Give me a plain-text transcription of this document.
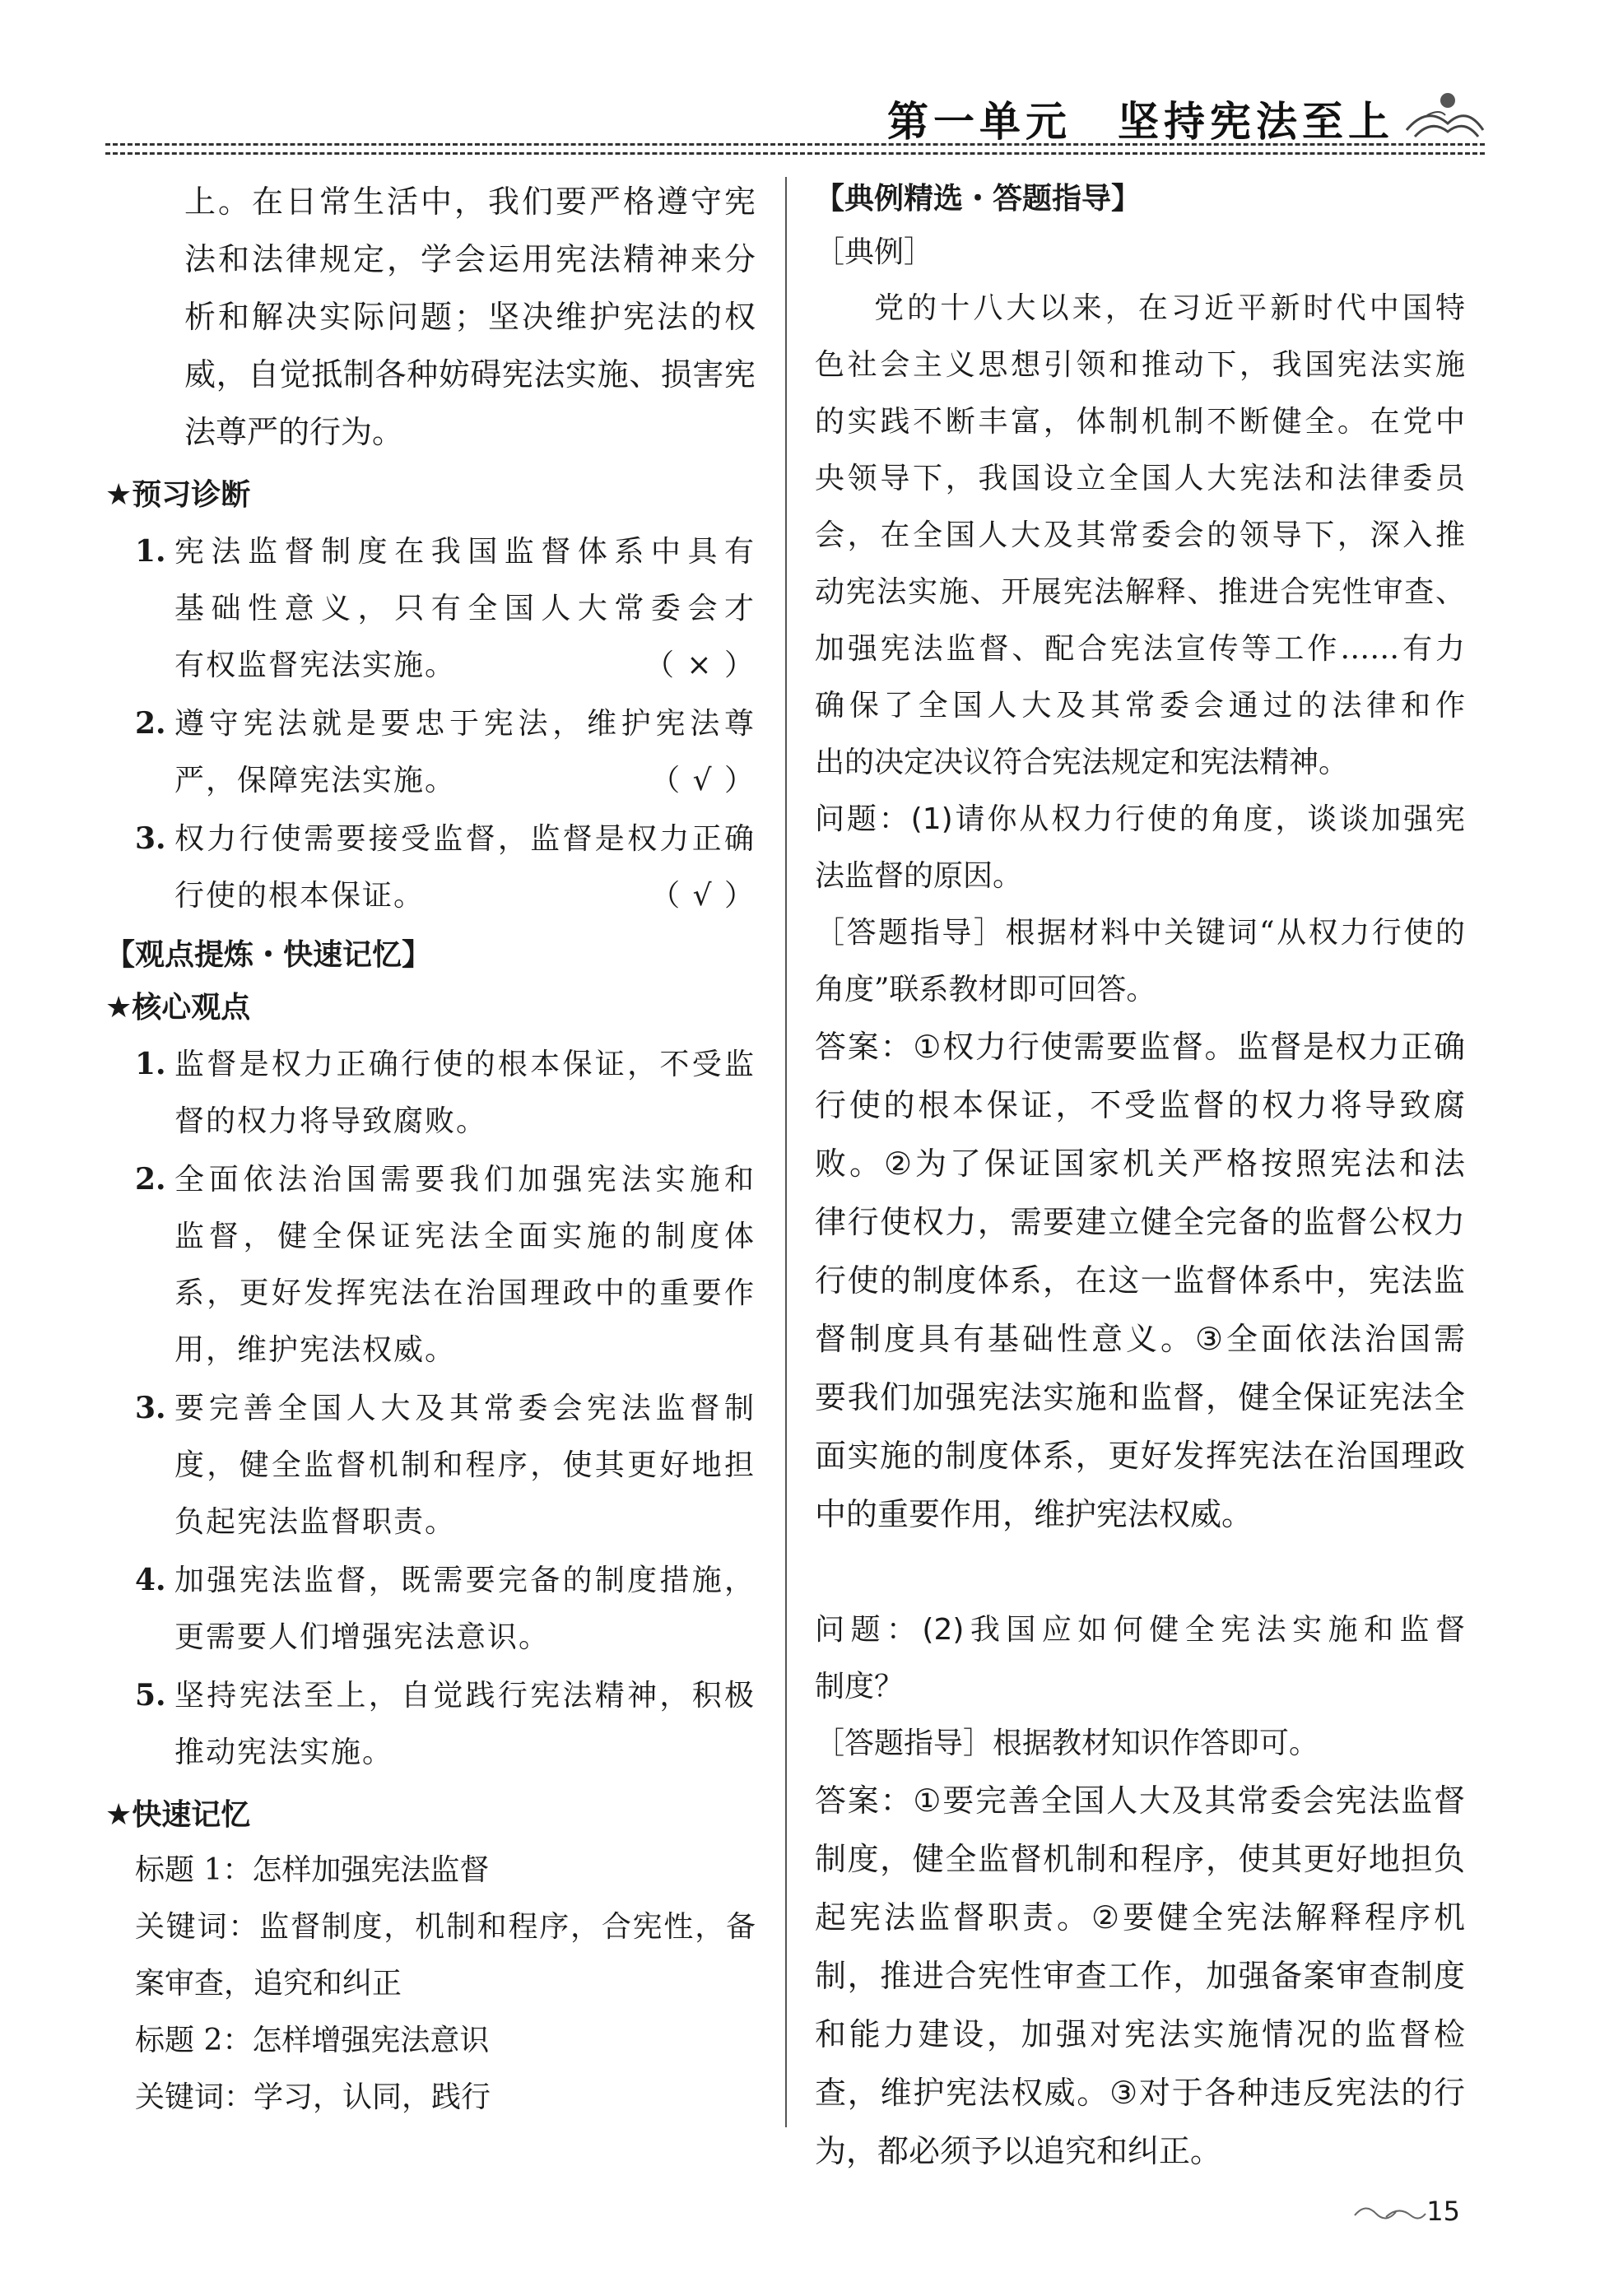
第一单元　坚持宪法至上

上。在日常生活中，我们要严格遵守宪

法和法律规定，学会运用宪法精神来分

析和解决实际问题；坚决维护宪法的权

威，自觉抵制各种妨碍宪法实施、损害宪

法尊严的行为。

★预习诊断
1. 宪法监督制度在我国监督体系中具有

基础性意义，只有全国人大常委会才

有权监督宪法实施。	（ × ）

2. 遵守宪法就是要忠于宪法，维护宪法尊

严，保障宪法实施。	（ √ ）

3. 权力行使需要接受监督，监督是权力正确

行使的根本保证。	（ √ ）

【观点提炼・快速记忆】
★核心观点
1. 监督是权力正确行使的根本保证，不受监

督的权力将导致腐败。

2. 全面依法治国需要我们加强宪法实施和

监督，健全保证宪法全面实施的制度体

系，更好发挥宪法在治国理政中的重要作

用，维护宪法权威。

3. 要完善全国人大及其常委会宪法监督制

度，健全监督机制和程序，使其更好地担

负起宪法监督职责。

4. 加强宪法监督，既需要完备的制度措施，

更需要人们增强宪法意识。

5. 坚持宪法至上，自觉践行宪法精神，积极

推动宪法实施。

★快速记忆

标题 1：怎样加强宪法监督

关键词：监督制度，机制和程序，合宪性，备

案审查，追究和纠正

标题 2：怎样增强宪法意识

关键词：学习，认同，践行

【典例精选・答题指导】
［典例］

党的十八大以来，在习近平新时代中国特

色社会主义思想引领和推动下，我国宪法实施

的实践不断丰富，体制机制不断健全。在党中

央领导下，我国设立全国人大宪法和法律委员

会，在全国人大及其常委会的领导下，深入推

动宪法实施、开展宪法解释、推进合宪性审查、

加强宪法监督、配合宪法宣传等工作……有力

确保了全国人大及其常委会通过的法律和作

出的决定决议符合宪法规定和宪法精神。

问题：(1)请你从权力行使的角度，谈谈加强宪

法监督的原因。

［答题指导］根据材料中关键词“从权力行使的

角度”联系教材即可回答。

答案：①权力行使需要监督。监督是权力正确

行使的根本保证，不受监督的权力将导致腐

败。②为了保证国家机关严格按照宪法和法

律行使权力，需要建立健全完备的监督公权力

行使的制度体系，在这一监督体系中，宪法监

督制度具有基础性意义。③全面依法治国需

要我们加强宪法实施和监督，健全保证宪法全

面实施的制度体系，更好发挥宪法在治国理政

中的重要作用，维护宪法权威。

问题：(2)我国应如何健全宪法实施和监督

制度？

［答题指导］根据教材知识作答即可。

答案：①要完善全国人大及其常委会宪法监督

制度，健全监督机制和程序，使其更好地担负

起宪法监督职责。②要健全宪法解释程序机

制，推进合宪性审查工作，加强备案审查制度

和能力建设，加强对宪法实施情况的监督检

查，维护宪法权威。③对于各种违反宪法的行

为，都必须予以追究和纠正。

15
